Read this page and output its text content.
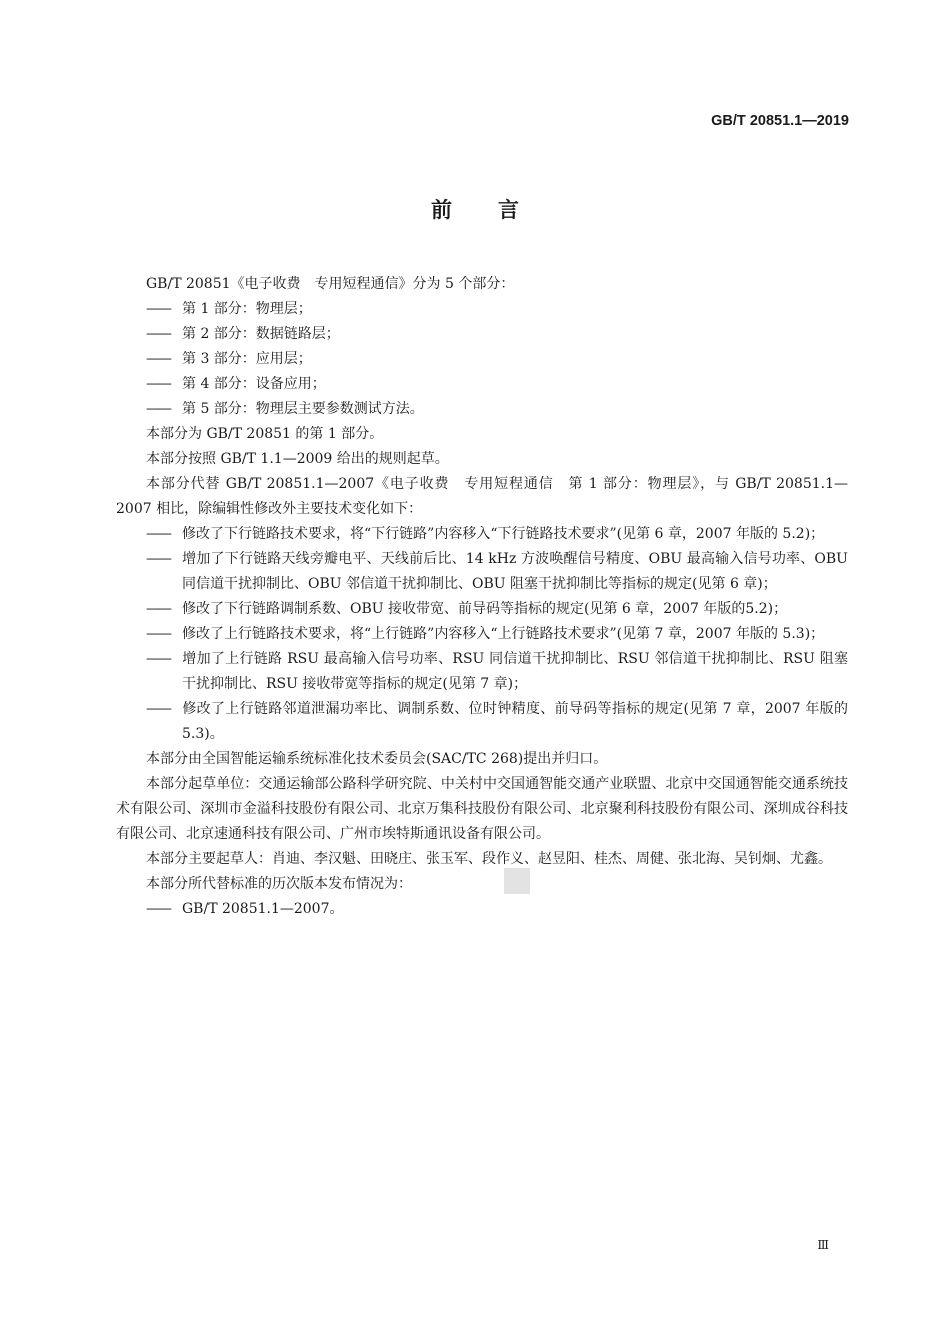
GB/T 20851.1—2019
前言

GB/T 20851《电子收费　专用短程通信》分为 5 个部分：

—— 第 1 部分：物理层；

—— 第 2 部分：数据链路层；

—— 第 3 部分：应用层；

—— 第 4 部分：设备应用；

—— 第 5 部分：物理层主要参数测试方法。

本部分为 GB/T 20851 的第 1 部分。

本部分按照 GB/T 1.1—2009 给出的规则起草。

本部分代替 GB/T 20851.1—2007《电子收费　专用短程通信　第 1 部分：物理层》，与 GB/T 20851.1—2007 相比，除编辑性修改外主要技术变化如下：

—— 修改了下行链路技术要求，将“下行链路”内容移入“下行链路技术要求”(见第 6 章，2007 年版的 5.2)；

—— 增加了下行链路天线旁瓣电平、天线前后比、14 kHz 方波唤醒信号精度、OBU 最高输入信号功率、OBU 同信道干扰抑制比、OBU 邻信道干扰抑制比、OBU 阻塞干扰抑制比等指标的规定(见第 6 章)；

—— 修改了下行链路调制系数、OBU 接收带宽、前导码等指标的规定(见第 6 章，2007 年版的5.2)；

—— 修改了上行链路技术要求，将“上行链路”内容移入“上行链路技术要求”(见第 7 章，2007 年版的 5.3)；

—— 增加了上行链路 RSU 最高输入信号功率、RSU 同信道干扰抑制比、RSU 邻信道干扰抑制比、RSU 阻塞干扰抑制比、RSU 接收带宽等指标的规定(见第 7 章)；

—— 修改了上行链路邻道泄漏功率比、调制系数、位时钟精度、前导码等指标的规定(见第 7 章，2007 年版的 5.3)。

本部分由全国智能运输系统标准化技术委员会(SAC/TC 268)提出并归口。

本部分起草单位：交通运输部公路科学研究院、中关村中交国通智能交通产业联盟、北京中交国通智能交通系统技术有限公司、深圳市金溢科技股份有限公司、北京万集科技股份有限公司、北京聚利科技股份有限公司、深圳成谷科技有限公司、北京速通科技有限公司、广州市埃特斯通讯设备有限公司。

本部分主要起草人：肖迪、李汉魁、田晓庄、张玉军、段作义、赵昱阳、桂杰、周健、张北海、吴钊炯、尤鑫。

本部分所代替标准的历次版本发布情况为：

—— GB/T 20851.1—2007。

Ⅲ
